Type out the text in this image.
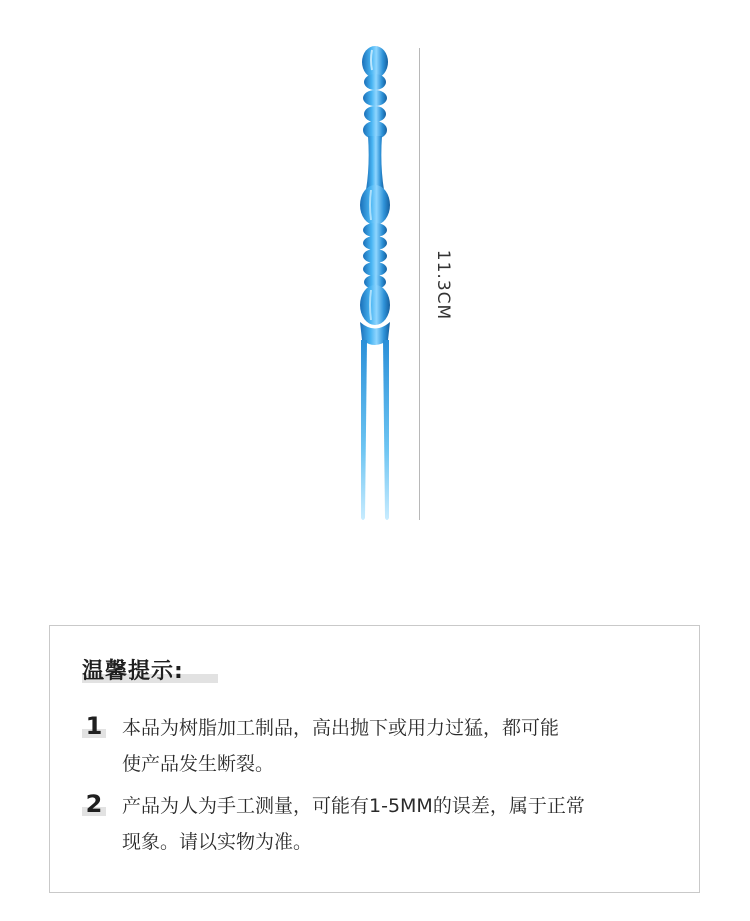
11.3CM
温馨提示:
1 本品为树脂加工制品，高出抛下或用力过猛，都可能
使产品发生断裂。
2 产品为人为手工测量，可能有1-5MM的误差，属于正常
现象。请以实物为准。
